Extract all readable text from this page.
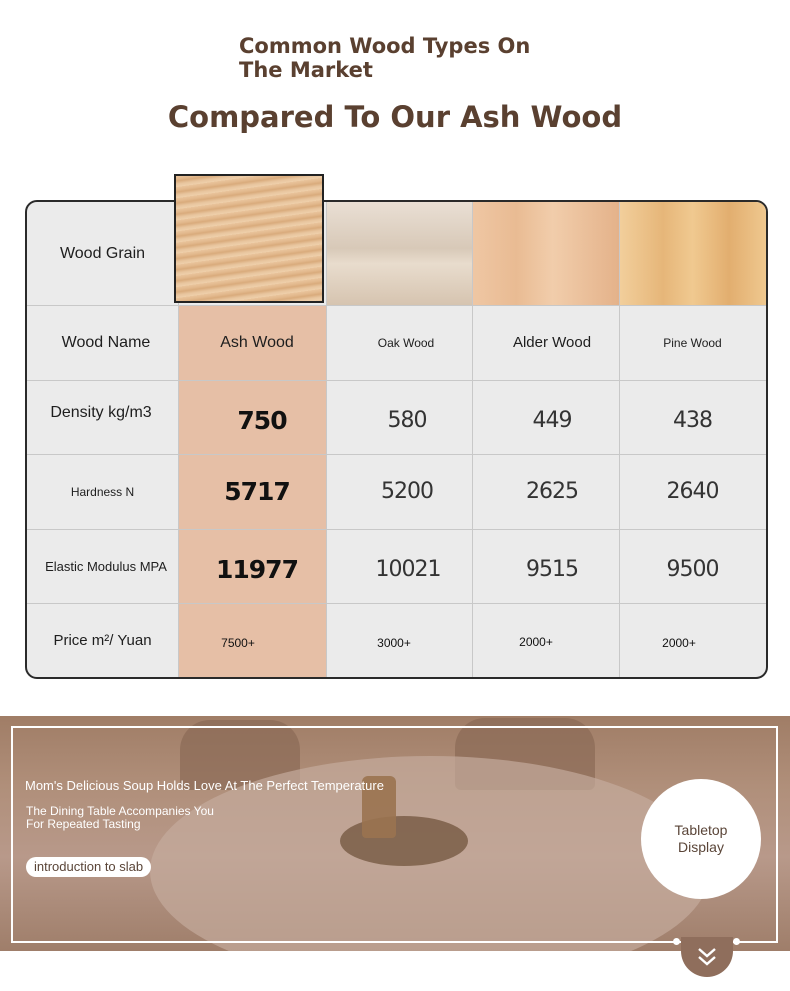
Common Wood Types On The Market
Compared To Our Ash Wood
Wood Grain
Wood Name	Ash Wood	Oak Wood	Alder Wood	Pine Wood
Density kg/m3	750	580	449	438
Hardness N	5717	5200	2625	2640
Elastic Modulus MPA	11977	10021	9515	9500
Price m²/ Yuan	7500+	3000+	2000+	2000+
Mom's Delicious Soup Holds Love At The Perfect Temperature
The Dining Table Accompanies You For Repeated Tasting
introduction to slab
Tabletop Display
